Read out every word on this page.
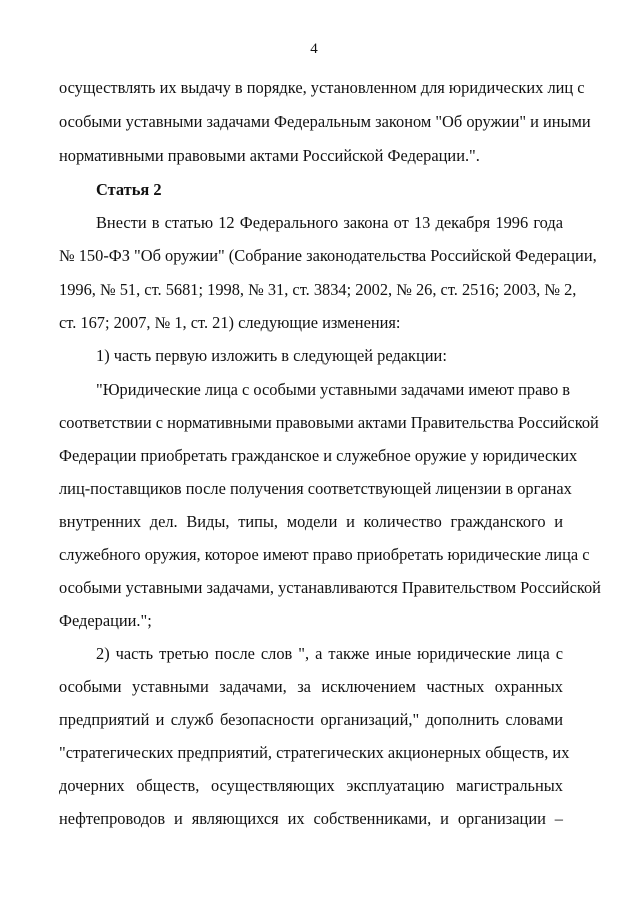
4
осуществлять их выдачу в порядке, установленном для юридических лиц с
особыми уставными задачами Федеральным законом "Об оружии" и иными
нормативными правовыми актами Российской Федерации.".
Статья 2
Внести в статью 12 Федерального закона от 13 декабря 1996 года
№ 150-ФЗ "Об оружии" (Собрание законодательства Российской Федерации,
1996, № 51, ст. 5681; 1998, № 31, ст. 3834; 2002, № 26, ст. 2516; 2003, № 2,
ст. 167; 2007, № 1, ст. 21) следующие изменения:
1) часть первую изложить в следующей редакции:
"Юридические лица с особыми уставными задачами имеют право в
соответствии с нормативными правовыми актами Правительства Российской
Федерации приобретать гражданское и служебное оружие у юридических
лиц-поставщиков после получения соответствующей лицензии в органах
внутренних дел. Виды, типы, модели и количество гражданского и
служебного оружия, которое имеют право приобретать юридические лица с
особыми уставными задачами, устанавливаются Правительством Российской
Федерации.";
2) часть третью после слов ", а также иные юридические лица с
особыми уставными задачами, за исключением частных охранных
предприятий и служб безопасности организаций," дополнить словами
"стратегических предприятий, стратегических акционерных обществ, их
дочерних обществ, осуществляющих эксплуатацию магистральных
нефтепроводов и являющихся их собственниками, и организации –
